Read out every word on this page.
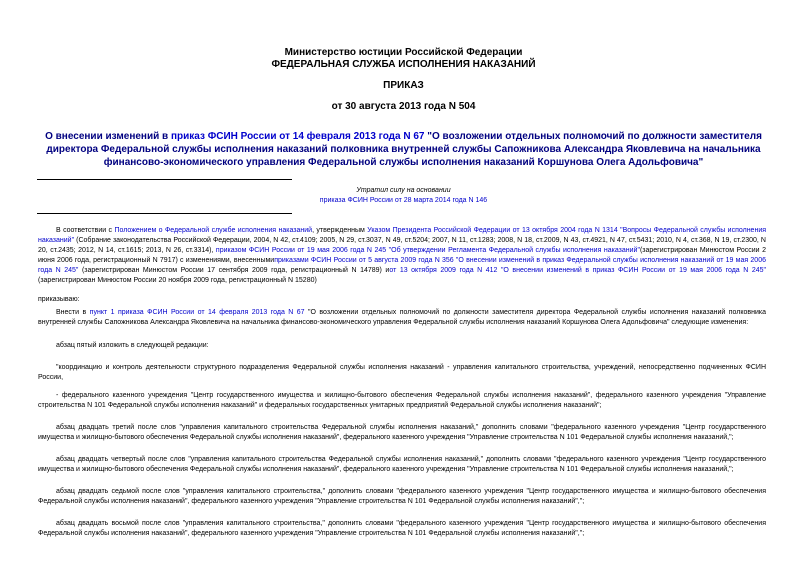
Министерство юстиции Российской Федерации
ФЕДЕРАЛЬНАЯ СЛУЖБА ИСПОЛНЕНИЯ НАКАЗАНИЙ
ПРИКАЗ
от 30 августа 2013 года N 504
О внесении изменений в приказ ФСИН России от 14 февраля 2013 года N 67 "О возложении отдельных полномочий по должности заместителя директора Федеральной службы исполнения наказаний полковника внутренней службы Сапожникова Александра Яковлевича на начальника финансово-экономического управления Федеральной службы исполнения наказаний Коршунова Олега Адольфовича"
Утратил силу на основании
приказа ФСИН России от 28 марта 2014 года N 146
В соответствии с Положением о Федеральной службе исполнения наказаний, утвержденным Указом Президента Российской Федерации от 13 октября 2004 года N 1314 "Вопросы Федеральной службы исполнения наказаний" (Собрание законодательства Российской Федерации, 2004, N 42, ст.4109; 2005, N 29, ст.3037, N 49, ст.5204; 2007, N 11, ст.1283; 2008, N 18, ст.2009, N 43, ст.4921, N 47, ст.5431; 2010, N 4, ст.368, N 19, ст.2300, N 20, ст.2435; 2012, N 14, ст.1615; 2013, N 26, ст.3314), приказом ФСИН России от 19 мая 2006 года N 245 "Об утверждении Регламента Федеральной службы исполнения наказаний"(зарегистрирован Минюстом России 2 июня 2006 года, регистрационный N 7917) с изменениями, внесеннымиприказами ФСИН России от 5 августа 2009 года N 356 "О внесении изменений в приказ Федеральной службы исполнения наказаний от 19 мая 2006 года N 245" (зарегистрирован Минюстом России 17 сентября 2009 года, регистрационный N 14789) иот 13 октября 2009 года N 412 "О внесении изменений в приказ ФСИН России от 19 мая 2006 года N 245" (зарегистрирован Минюстом России 20 ноября 2009 года, регистрационный N 15280)
приказываю:
Внести в пункт 1 приказа ФСИН России от 14 февраля 2013 года N 67 "О возложении отдельных полномочий по должности заместителя директора Федеральной службы исполнения наказаний полковника внутренней службы Сапожникова Александра Яковлевича на начальника финансово-экономического управления Федеральной службы исполнения наказаний Коршунова Олега Адольфовича" следующие изменения:
абзац пятый изложить в следующей редакции:
"координацию и контроль деятельности структурного подразделения Федеральной службы исполнения наказаний - управления капитального строительства, учреждений, непосредственно подчиненных ФСИН России,
- федерального казенного учреждения "Центр государственного имущества и жилищно-бытового обеспечения Федеральной службы исполнения наказаний", федерального казенного учреждения "Управление строительства N 101 Федеральной службы исполнения наказаний" и федеральных государственных унитарных предприятий Федеральной службы исполнения наказаний";
абзац двадцать третий после слов "управления капитального строительства Федеральной службы исполнения наказаний," дополнить словами "федерального казенного учреждения "Центр государственного имущества и жилищно-бытового обеспечения Федеральной службы исполнения наказаний", федерального казенного учреждения "Управление строительства N 101 Федеральной службы исполнения наказаний,";
абзац двадцать четвертый после слов "управления капитального строительства Федеральной службы исполнения наказаний," дополнить словами "федерального казенного учреждения "Центр государственного имущества и жилищно-бытового обеспечения Федеральной службы исполнения наказаний", федерального казенного учреждения "Управление строительства N 101 Федеральной службы исполнения наказаний,";
абзац двадцать седьмой после слов "управления капитального строительства," дополнить словами "федерального казенного учреждения "Центр государственного имущества и жилищно-бытового обеспечения Федеральной службы исполнения наказаний", федерального казенного учреждения "Управление строительства N 101 Федеральной службы исполнения наказаний",";
абзац двадцать восьмой после слов "управления капитального строительства," дополнить словами "федерального казенного учреждения "Центр государственного имущества и жилищно-бытового обеспечения Федеральной службы исполнения наказаний", федерального казенного учреждения "Управление строительства N 101 Федеральной службы исполнения наказаний",";
